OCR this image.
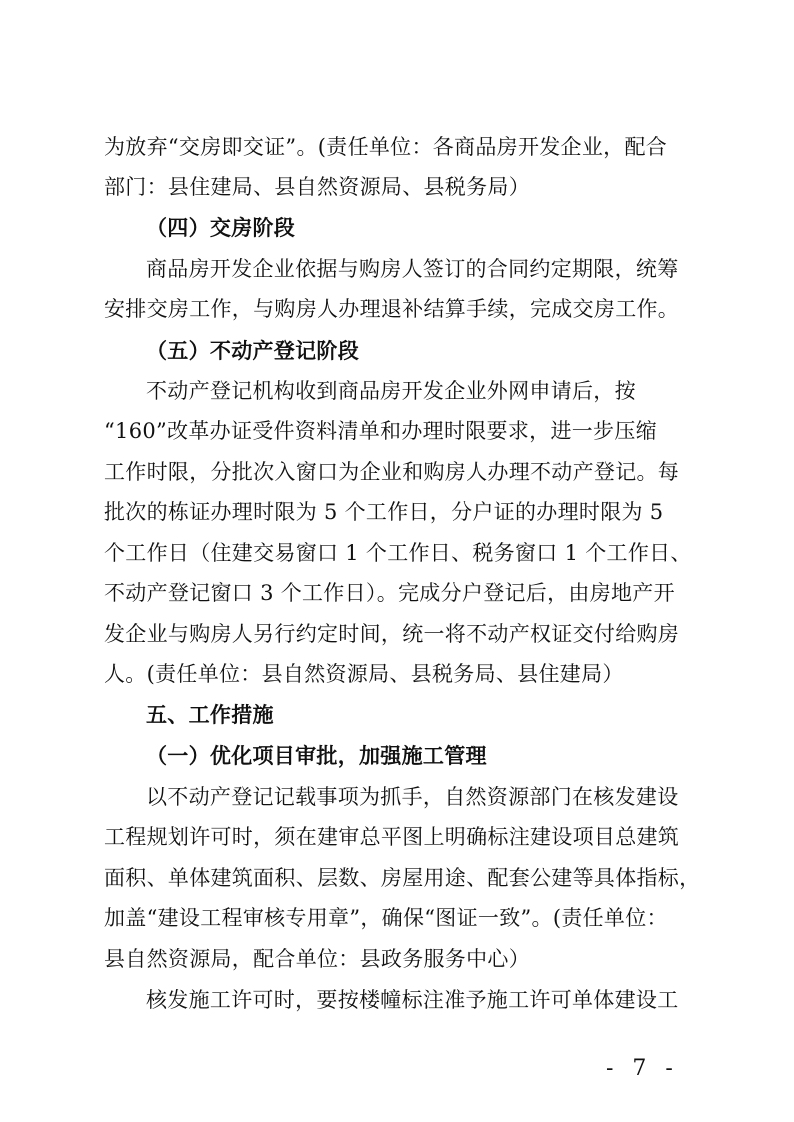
为放弃“交房即交证”。(责任单位：各商品房开发企业，配合
部门：县住建局、县自然资源局、县税务局）
（四）交房阶段
商品房开发企业依据与购房人签订的合同约定期限，统筹
安排交房工作，与购房人办理退补结算手续，完成交房工作。
（五）不动产登记阶段
不动产登记机构收到商品房开发企业外网申请后，按
“160”改革办证受件资料清单和办理时限要求，进一步压缩
工作时限，分批次入窗口为企业和购房人办理不动产登记。每
批次的栋证办理时限为 5 个工作日，分户证的办理时限为 5
个工作日（住建交易窗口 1 个工作日、税务窗口 1 个工作日、
不动产登记窗口 3 个工作日）。完成分户登记后，由房地产开
发企业与购房人另行约定时间，统一将不动产权证交付给购房
人。(责任单位：县自然资源局、县税务局、县住建局）
五、工作措施
（一）优化项目审批，加强施工管理
以不动产登记记载事项为抓手，自然资源部门在核发建设
工程规划许可时，须在建审总平图上明确标注建设项目总建筑
面积、单体建筑面积、层数、房屋用途、配套公建等具体指标，
加盖“建设工程审核专用章”，确保“图证一致”。(责任单位：
县自然资源局，配合单位：县政务服务中心）
核发施工许可时，要按楼幢标注准予施工许可单体建设工
- 7 -
